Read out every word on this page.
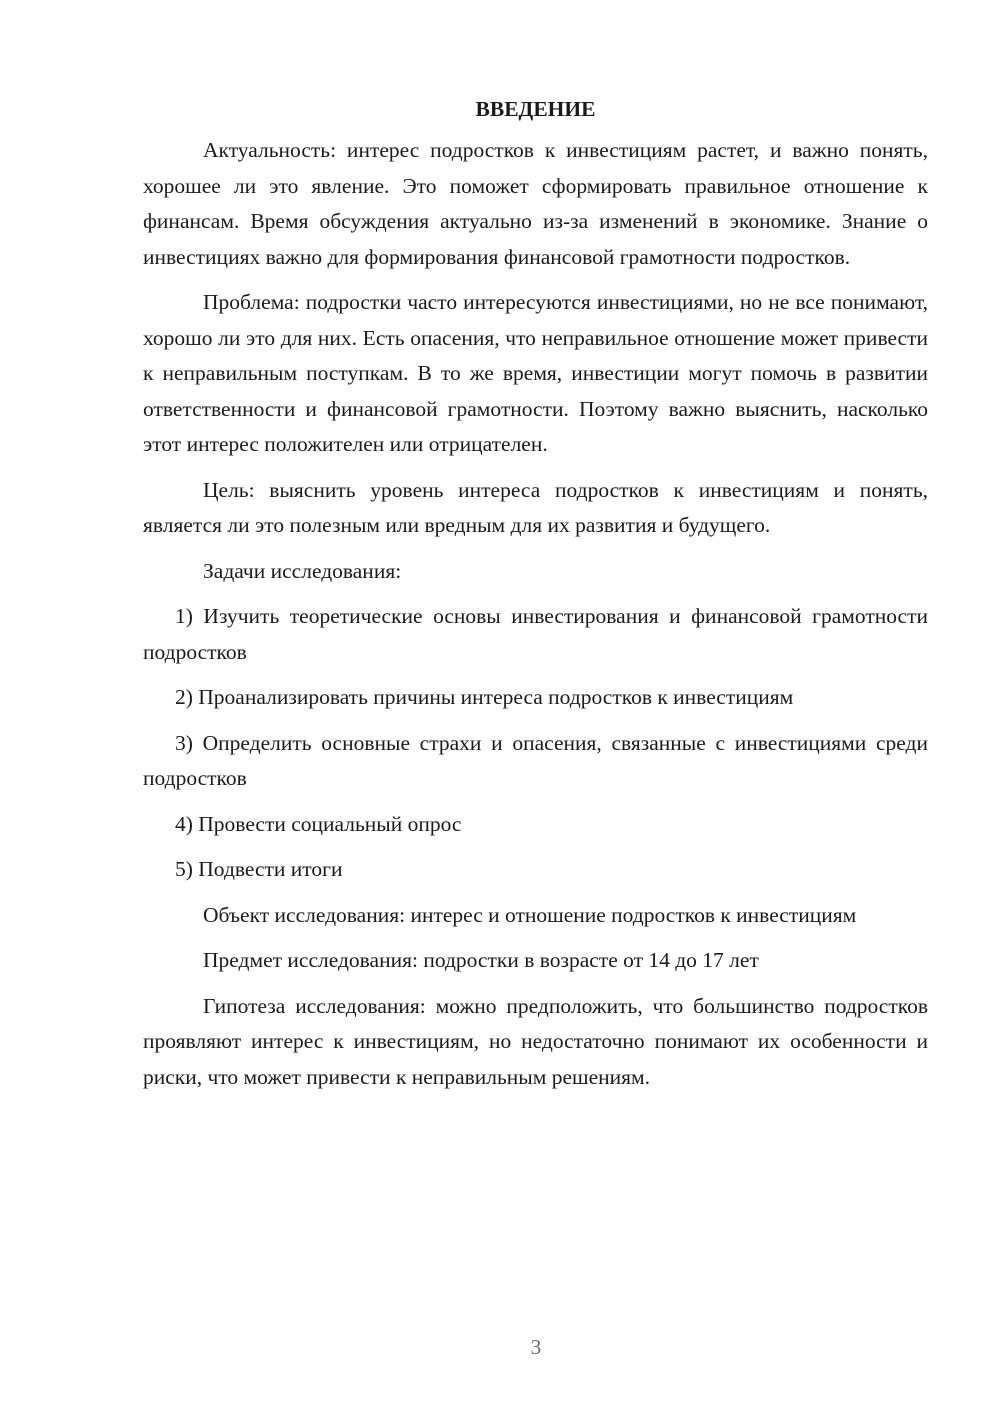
ВВЕДЕНИЕ

Актуальность: интерес подростков к инвестициям растет, и важно понять, хорошее ли это явление. Это поможет сформировать правильное отношение к финансам. Время обсуждения актуально из-за изменений в экономике. Знание о инвестициях важно для формирования финансовой грамотности подростков.

Проблема: подростки часто интересуются инвестициями, но не все понимают, хорошо ли это для них. Есть опасения, что неправильное отношение может привести к неправильным поступкам. В то же время, инвестиции могут помочь в развитии ответственности и финансовой грамотности. Поэтому важно выяснить, насколько этот интерес положителен или отрицателен.

Цель: выяснить уровень интереса подростков к инвестициям и понять, является ли это полезным или вредным для их развития и будущего.

Задачи исследования:

1) Изучить теоретические основы инвестирования и финансовой грамотности подростков

2) Проанализировать причины интереса подростков к инвестициям

3) Определить основные страхи и опасения, связанные с инвестициями среди подростков

4) Провести социальный опрос

5) Подвести итоги

Объект исследования: интерес и отношение подростков к инвестициям

Предмет исследования: подростки в возрасте от 14 до 17 лет

Гипотеза исследования: можно предположить, что большинство подростков проявляют интерес к инвестициям, но недостаточно понимают их особенности и риски, что может привести к неправильным решениям.

3
